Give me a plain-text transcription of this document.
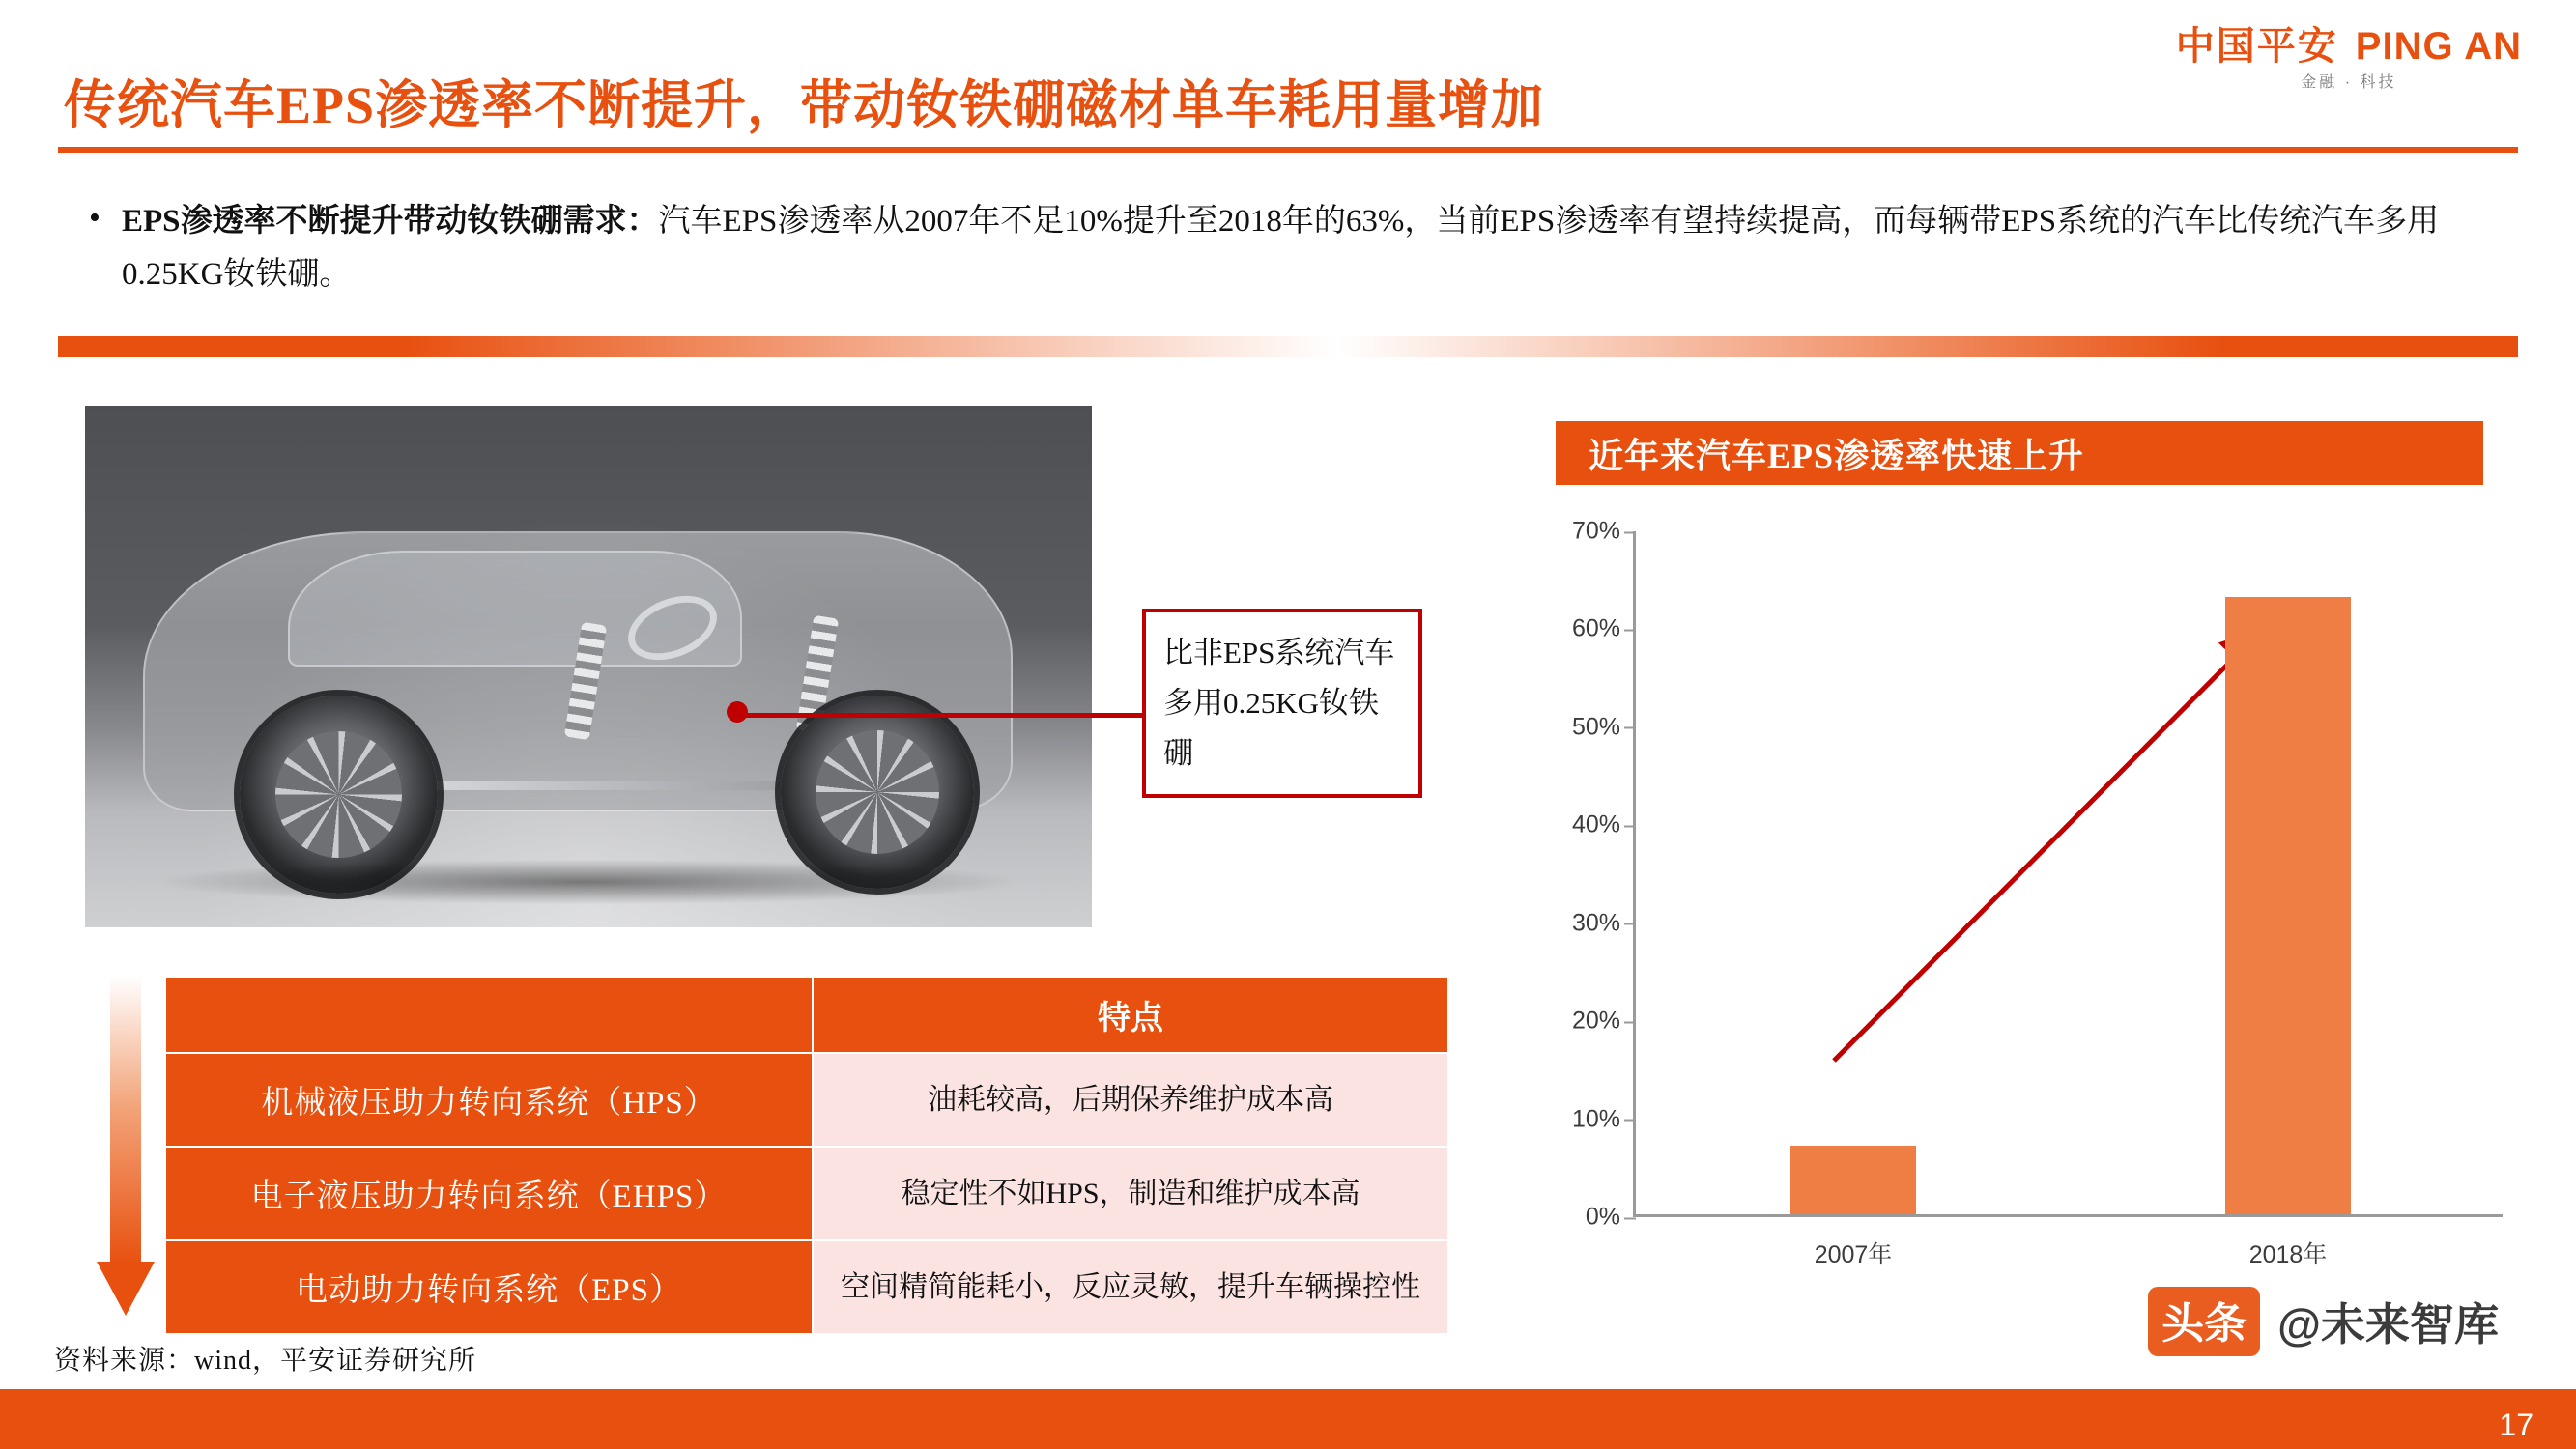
中国平安 PING AN
金融 · 科技
传统汽车EPS渗透率不断提升，带动钕铁硼磁材单车耗用量增加
• EPS渗透率不断提升带动钕铁硼需求：汽车EPS渗透率从2007年不足10%提升至2018年的63%，当前EPS渗透率有望持续提高，而每辆带EPS系统的汽车比传统汽车多用0.25KG钕铁硼。
比非EPS系统汽车多用0.25KG钕铁硼
	特点
机械液压助力转向系统（HPS）	油耗较高，后期保养维护成本高
电子液压助力转向系统（EHPS）	稳定性不如HPS，制造和维护成本高
电动助力转向系统（EPS）	空间精简能耗小，反应灵敏，提升车辆操控性
近年来汽车EPS渗透率快速上升
0%
10%
20%
30%
40%
50%
60%
70%
2007年	2018年
资料来源：wind，平安证券研究所
头条 @未来智库
17
